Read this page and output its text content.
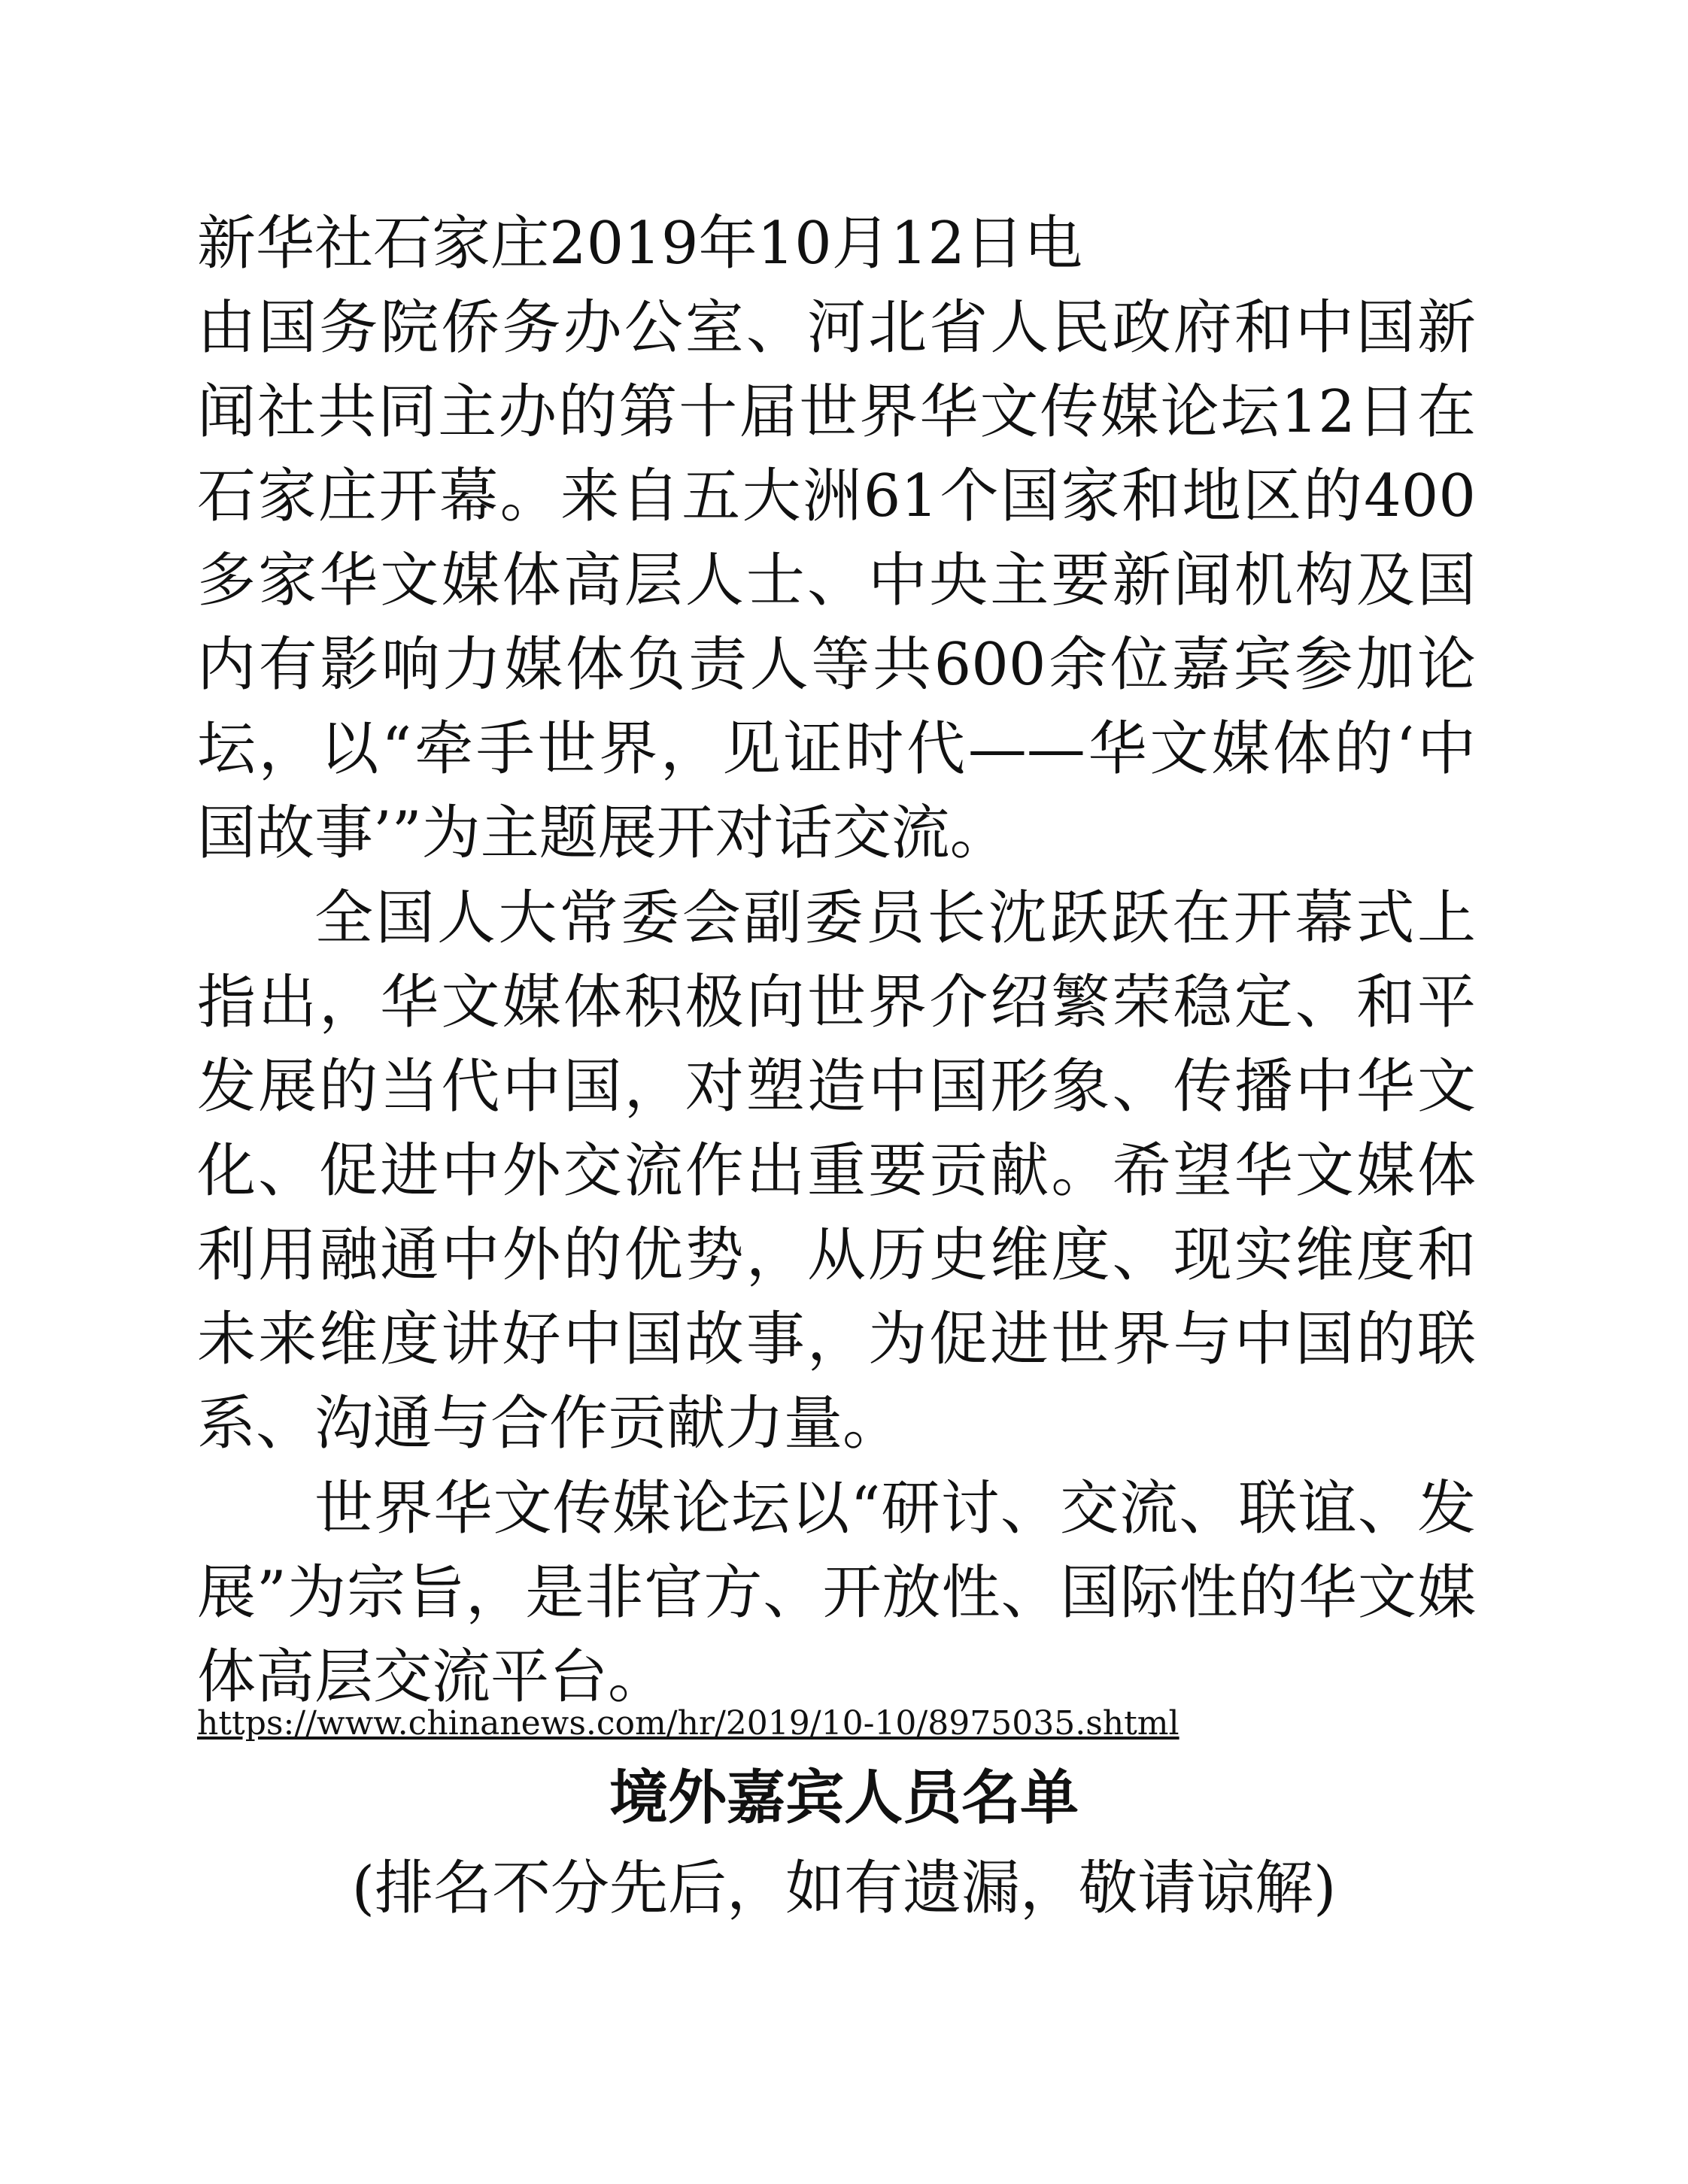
新华社石家庄2019年10月12日电

由国务院侨务办公室、河北省人民政府和中国新闻社共同主办的第十届世界华文传媒论坛12日在石家庄开幕。来自五大洲61个国家和地区的400多家华文媒体高层人士、中央主要新闻机构及国内有影响力媒体负责人等共600余位嘉宾参加论坛，以“牵手世界，见证时代——华文媒体的‘中国故事’”为主题展开对话交流。

全国人大常委会副委员长沈跃跃在开幕式上指出，华文媒体积极向世界介绍繁荣稳定、和平发展的当代中国，对塑造中国形象、传播中华文化、促进中外交流作出重要贡献。希望华文媒体利用融通中外的优势，从历史维度、现实维度和未来维度讲好中国故事，为促进世界与中国的联系、沟通与合作贡献力量。

世界华文传媒论坛以“研讨、交流、联谊、发展”为宗旨，是非官方、开放性、国际性的华文媒体高层交流平台。

https://www.chinanews.com/hr/2019/10-10/8975035.shtml
境外嘉宾人员名单
(排名不分先后，如有遗漏，敬请谅解)
